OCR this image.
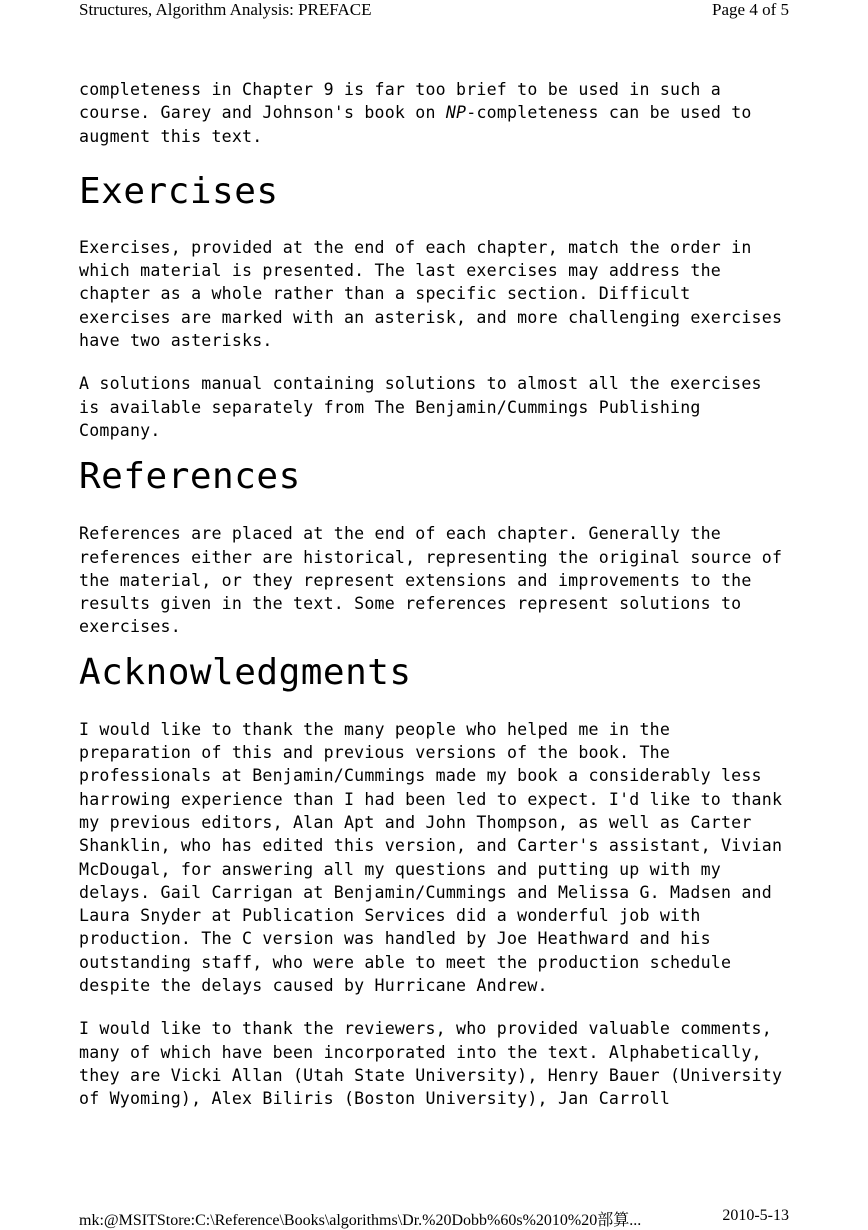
Structures, Algorithm Analysis: PREFACE	Page 4 of 5

completeness in Chapter 9 is far too brief to be used in such a
course. Garey and Johnson's book on NP-completeness can be used to
augment this text.

Exercises

Exercises, provided at the end of each chapter, match the order in
which material is presented. The last exercises may address the
chapter as a whole rather than a specific section. Difficult
exercises are marked with an asterisk, and more challenging exercises
have two asterisks.

A solutions manual containing solutions to almost all the exercises
is available separately from The Benjamin/Cummings Publishing
Company.

References

References are placed at the end of each chapter. Generally the
references either are historical, representing the original source of
the material, or they represent extensions and improvements to the
results given in the text. Some references represent solutions to
exercises.

Acknowledgments

I would like to thank the many people who helped me in the
preparation of this and previous versions of the book. The
professionals at Benjamin/Cummings made my book a considerably less
harrowing experience than I had been led to expect. I'd like to thank
my previous editors, Alan Apt and John Thompson, as well as Carter
Shanklin, who has edited this version, and Carter's assistant, Vivian
McDougal, for answering all my questions and putting up with my
delays. Gail Carrigan at Benjamin/Cummings and Melissa G. Madsen and
Laura Snyder at Publication Services did a wonderful job with
production. The C version was handled by Joe Heathward and his
outstanding staff, who were able to meet the production schedule
despite the delays caused by Hurricane Andrew.

I would like to thank the reviewers, who provided valuable comments,
many of which have been incorporated into the text. Alphabetically,
they are Vicki Allan (Utah State University), Henry Bauer (University
of Wyoming), Alex Biliris (Boston University), Jan Carroll

mk:@MSITStore:C:\Reference\Books\algorithms\Dr.%20Dobb%60s%2010%20部算...	2010-5-13
